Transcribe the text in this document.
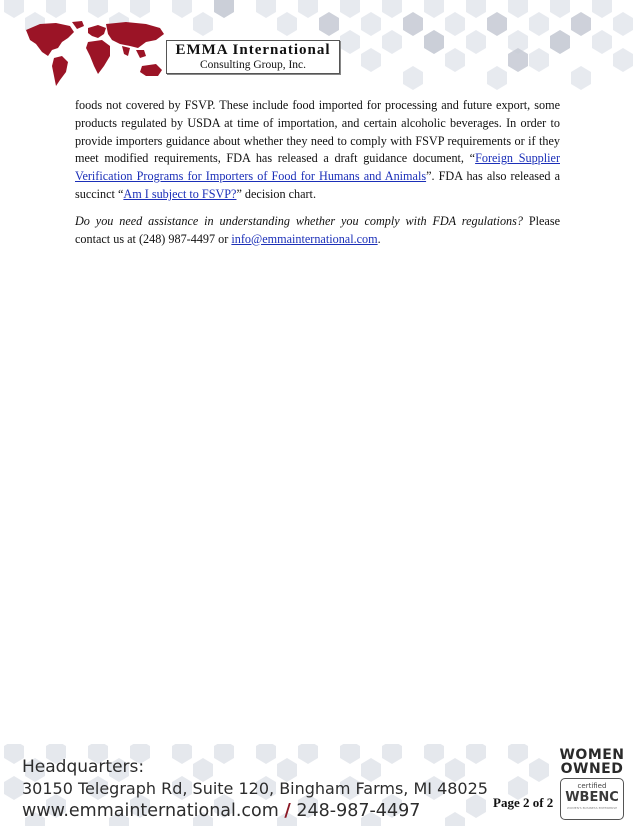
EMMA International
Consulting Group, Inc.

foods not covered by FSVP. These include food imported for processing and future export, some products regulated by USDA at time of importation, and certain alcoholic beverages. In order to provide importers guidance about whether they need to comply with FSVP requirements or if they meet modified requirements, FDA has released a draft guidance document, “Foreign Supplier Verification Programs for Importers of Food for Humans and Animals”. FDA has also released a succinct “Am I subject to FSVP?” decision chart.

Do you need assistance in understanding whether you comply with FDA regulations? Please contact us at (248) 987-4497 or info@emmainternational.com.

Headquarters:
30150 Telegraph Rd, Suite 120, Bingham Farms, MI 48025
www.emmainternational.com / 248-987-4497	Page 2 of 2
WOMEN
OWNED
certified
WBENC
WOMEN'S BUSINESS ENTERPRISE
